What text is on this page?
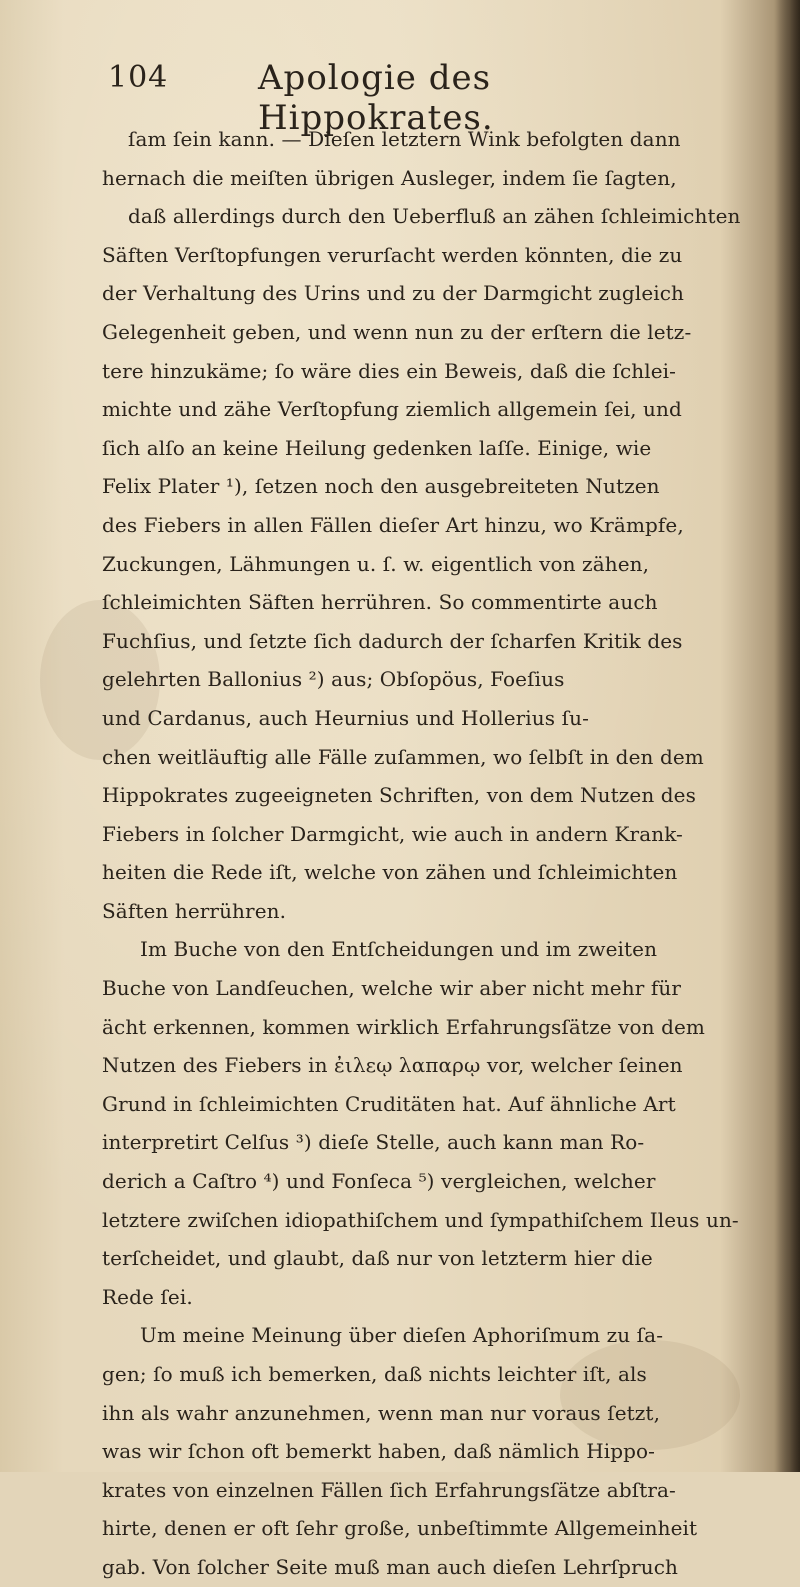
104	Apologie des Hippokrates.
ſam ſein kann. — Dieſen letztern Wink befolgten dann
hernach die meiſten übrigen Ausleger, indem ſie ſagten,
daß allerdings durch den Ueberfluß an zähen ſchleimichten
Säften Verſtopfungen verurſacht werden könnten, die zu
der Verhaltung des Urins und zu der Darmgicht zugleich
Gelegenheit geben, und wenn nun zu der erſtern die letz-
tere hinzukäme; ſo wäre dies ein Beweis, daß die ſchlei-
michte und zähe Verſtopfung ziemlich allgemein ſei, und
ſich alſo an keine Heilung gedenken laſſe. Einige, wie
Felix Plater ¹), ſetzen noch den ausgebreiteten Nutzen
des Fiebers in allen Fällen dieſer Art hinzu, wo Krämpfe,
Zuckungen, Lähmungen u. ſ. w. eigentlich von zähen,
ſchleimichten Säften herrühren. So commentirte auch
Fuchſius, und ſetzte ſich dadurch der ſcharfen Kritik des
gelehrten Ballonius ²) aus; Obſopöus, Foeſius
und Cardanus, auch Heurnius und Hollerius ſu-
chen weitläuftig alle Fälle zuſammen, wo ſelbſt in den dem
Hippokrates zugeeigneten Schriften, von dem Nutzen des
Fiebers in ſolcher Darmgicht, wie auch in andern Krank-
heiten die Rede iſt, welche von zähen und ſchleimichten
Säften herrühren.
Im Buche von den Entſcheidungen und im zweiten
Buche von Landſeuchen, welche wir aber nicht mehr für
ächt erkennen, kommen wirklich Erfahrungsſätze von dem
Nutzen des Fiebers in ἐιλεῳ λαπαρῳ vor, welcher ſeinen
Grund in ſchleimichten Cruditäten hat. Auf ähnliche Art
interpretirt Celſus ³) dieſe Stelle, auch kann man Ro-
derich a Caſtro ⁴) und Fonſeca ⁵) vergleichen, welcher
letztere zwiſchen idiopathiſchem und ſympathiſchem Ileus un-
terſcheidet, und glaubt, daß nur von letzterm hier die
Rede ſei.
Um meine Meinung über dieſen Aphoriſmum zu ſa-
gen; ſo muß ich bemerken, daß nichts leichter iſt, als
ihn als wahr anzunehmen, wenn man nur voraus ſetzt,
was wir ſchon oft bemerkt haben, daß nämlich Hippo-
krates von einzelnen Fällen ſich Erfahrungsſätze abſtra-
hirte, denen er oft ſehr große, unbeſtimmte Allgemeinheit
gab. Von ſolcher Seite muß man auch dieſen Lehrſpruch
